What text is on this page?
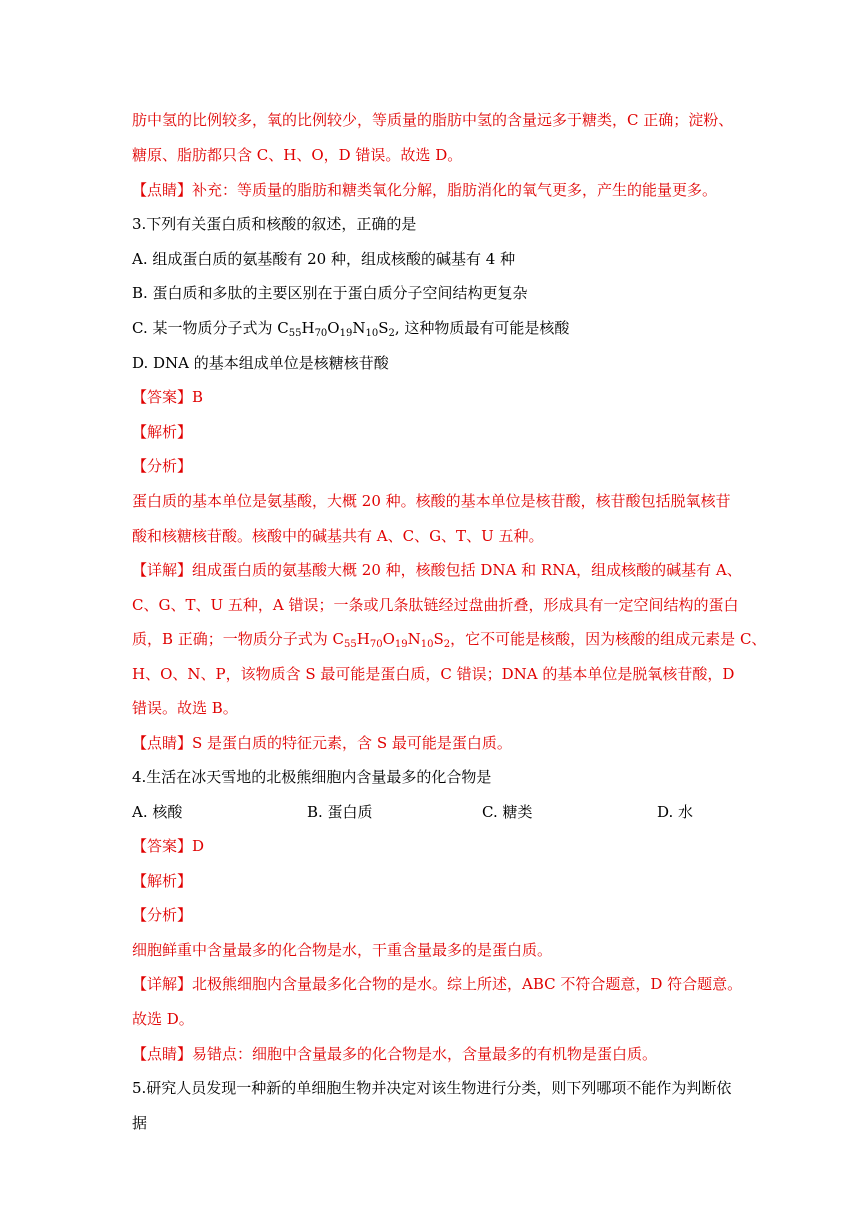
肪中氢的比例较多，氧的比例较少，等质量的脂肪中氢的含量远多于糖类，C 正确；淀粉、
糖原、脂肪都只含 C、H、O，D 错误。故选 D。
【点睛】补充：等质量的脂肪和糖类氧化分解，脂肪消化的氧气更多，产生的能量更多。
3.下列有关蛋白质和核酸的叙述，正确的是
A. 组成蛋白质的氨基酸有 20 种，组成核酸的碱基有 4 种
B. 蛋白质和多肽的主要区别在于蛋白质分子空间结构更复杂
C. 某一物质分子式为 $C_{55}H_{70}O_{19}N_{10}S_2$, 这种物质最有可能是核酸
D. DNA 的基本组成单位是核糖核苷酸
【答案】B
【解析】
【分析】
蛋白质的基本单位是氨基酸，大概 20 种。核酸的基本单位是核苷酸，核苷酸包括脱氧核苷
酸和核糖核苷酸。核酸中的碱基共有 A、C、G、T、U 五种。
【详解】组成蛋白质的氨基酸大概 20 种，核酸包括 DNA 和 RNA，组成核酸的碱基有 A、
C、G、T、U 五种，A 错误；一条或几条肽链经过盘曲折叠，形成具有一定空间结构的蛋白
质，B 正确；一物质分子式为 $C_{55}H_{70}O_{19}N_{10}S_2$，它不可能是核酸，因为核酸的组成元素是 C、
H、O、N、P，该物质含 S 最可能是蛋白质，C 错误；DNA 的基本单位是脱氧核苷酸，D
错误。故选 B。
【点睛】S 是蛋白质的特征元素，含 S 最可能是蛋白质。
4.生活在冰天雪地的北极熊细胞内含量最多的化合物是
A. 核酸	B. 蛋白质	C. 糖类	D. 水
【答案】D
【解析】
【分析】
细胞鲜重中含量最多的化合物是水，干重含量最多的是蛋白质。
【详解】北极熊细胞内含量最多化合物的是水。综上所述，ABC 不符合题意，D 符合题意。
故选 D。
【点睛】易错点：细胞中含量最多的化合物是水，含量最多的有机物是蛋白质。
5.研究人员发现一种新的单细胞生物并决定对该生物进行分类，则下列哪项不能作为判断依
据
